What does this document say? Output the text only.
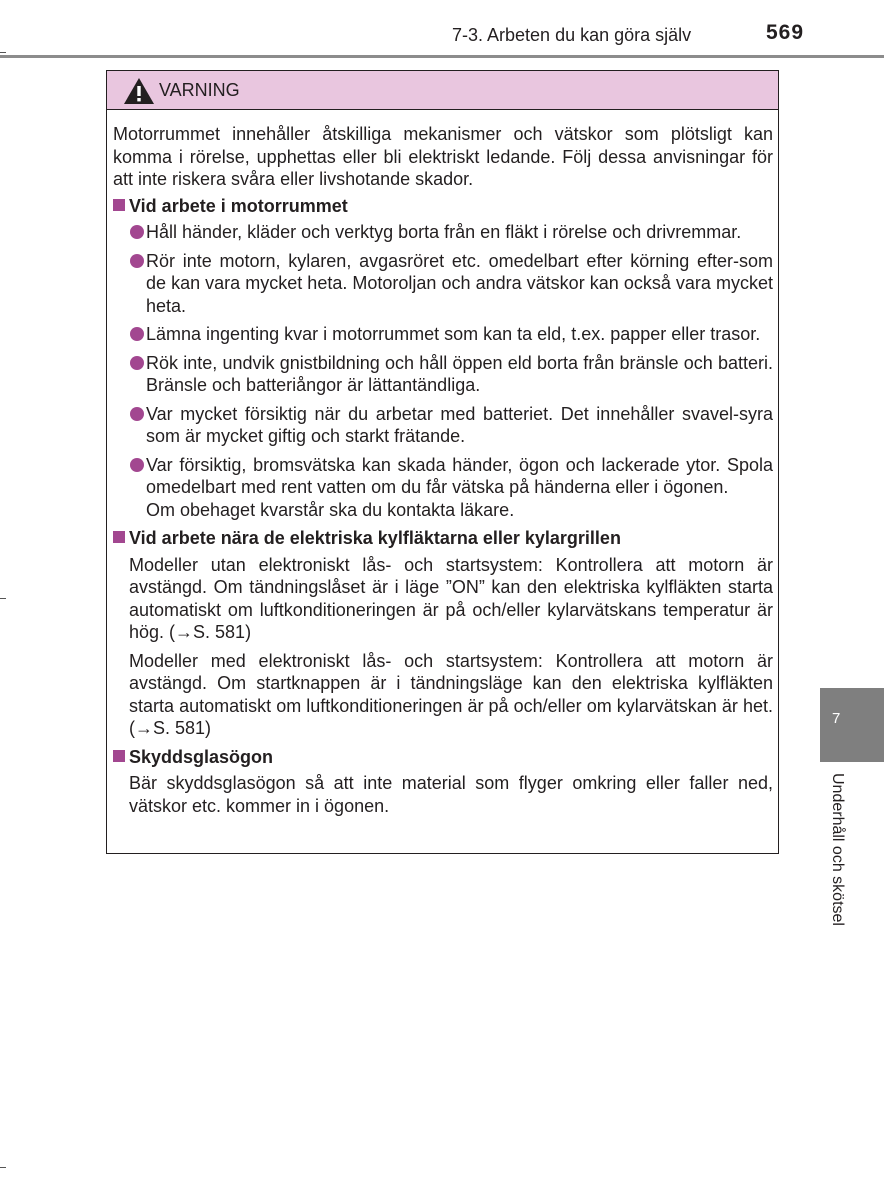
7-3. Arbeten du kan göra själv	569
VARNING

Motorrummet innehåller åtskilliga mekanismer och vätskor som plötsligt kan komma i rörelse, upphettas eller bli elektriskt ledande. Följ dessa anvisningar för att inte riskera svåra eller livshotande skador.

Vid arbete i motorrummet
Håll händer, kläder och verktyg borta från en fläkt i rörelse och drivremmar.
Rör inte motorn, kylaren, avgasröret etc. omedelbart efter körning efter-som de kan vara mycket heta. Motoroljan och andra vätskor kan också vara mycket heta.
Lämna ingenting kvar i motorrummet som kan ta eld, t.ex. papper eller trasor.
Rök inte, undvik gnistbildning och håll öppen eld borta från bränsle och batteri. Bränsle och batteriångor är lättantändliga.
Var mycket försiktig när du arbetar med batteriet. Det innehåller svavel-syra som är mycket giftig och starkt frätande.
Var försiktig, bromsvätska kan skada händer, ögon och lackerade ytor. Spola omedelbart med rent vatten om du får vätska på händerna eller i ögonen.
Om obehaget kvarstår ska du kontakta läkare.
Vid arbete nära de elektriska kylfläktarna eller kylargrillen

Modeller utan elektroniskt lås- och startsystem: Kontrollera att motorn är avstängd. Om tändningslåset är i läge ”ON” kan den elektriska kylfläkten starta automatiskt om luftkonditioneringen är på och/eller kylarvätskans temperatur är hög. (→S. 581)

Modeller med elektroniskt lås- och startsystem: Kontrollera att motorn är avstängd. Om startknappen är i tändningsläge kan den elektriska kylfläkten starta automatiskt om luftkonditioneringen är på och/eller om kylarvätskan är het. (→S. 581)

Skyddsglasögon

Bär skyddsglasögon så att inte material som flyger omkring eller faller ned, vätskor etc. kommer in i ögonen.

7
Underhåll och skötsel
